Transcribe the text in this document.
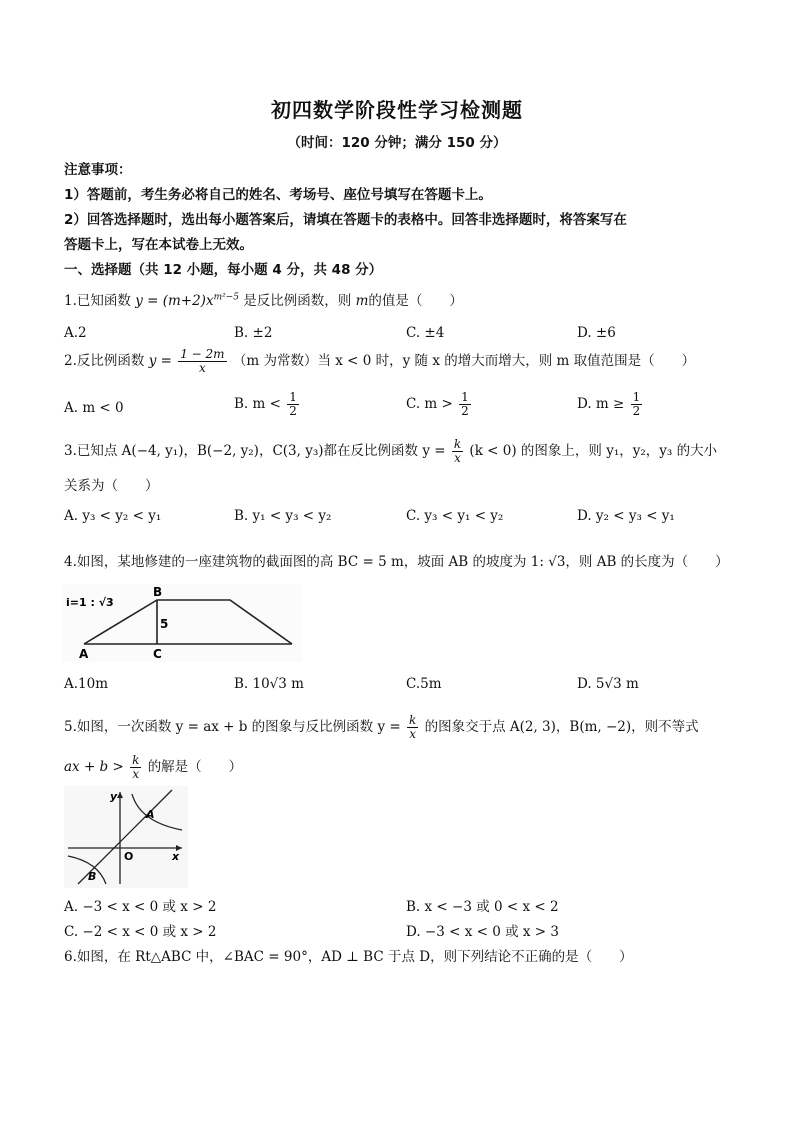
初四数学阶段性学习检测题
（时间：120 分钟；满分 150 分）
注意事项：
1）答题前，考生务必将自己的姓名、考场号、座位号填写在答题卡上。
2）回答选择题时，选出每小题答案后，请填在答题卡的表格中。回答非选择题时，将答案写在
答题卡上，写在本试卷上无效。
一、选择题（共 12 小题，每小题 4 分，共 48 分）
1.已知函数 $y = (m+2)x^{m^2-5}$ 是反比例函数，则 m的值是（　　）
A.2	B. ±2	C. ±4	D. ±6
2.反比例函数 $y = \frac{1 - 2m}{x} (m$ 为常数）当 x < 0 时，y 随 x 的增大而增大，则 m 取值范围是（　　）
A. m < 0	B. $m < \frac{1}{2}$	C. $m > \frac{1}{2}$	D. $m \ge \frac{1}{2}$
3.已知点 A(−4, y₁)，B(−2, y₂)，C(3, y₃)都在反比例函数 $y = \frac{k}{x} (k < 0)$ 的图象上，则 y₁，y₂，y₃ 的大小
关系为（　　）
A. y₃ < y₂ < y₁	B. y₁ < y₃ < y₂	C. y₃ < y₁ < y₂	D. y₂ < y₃ < y₁
4.如图，某地修建的一座建筑物的截面图的高 BC = 5 m，坡面 AB 的坡度为 1: √3，则 AB 的长度为（　　）
i=1 : √3
B
5
A	C
A.10m	B. 10√3 m	C.5m	D. 5√3 m
5.如图，一次函数 y = ax + b 的图象与反比例函数 $y = \frac{k}{x}$ 的图象交于点 A(2, 3)，B(m, −2)，则不等式
ax + $b > \frac{k}{x}$ 的解是（　　）
A
B
O
y
x
A. −3 < x < 0 或 x > 2	B. x < −3 或 0 < x < 2
C. −2 < x < 0 或 x > 2	D. −3 < x < 0 或 x > 3
6.如图，在 Rt△ABC 中，∠BAC = 90°，AD ⊥ BC 于点 D，则下列结论不正确的是（　　）
